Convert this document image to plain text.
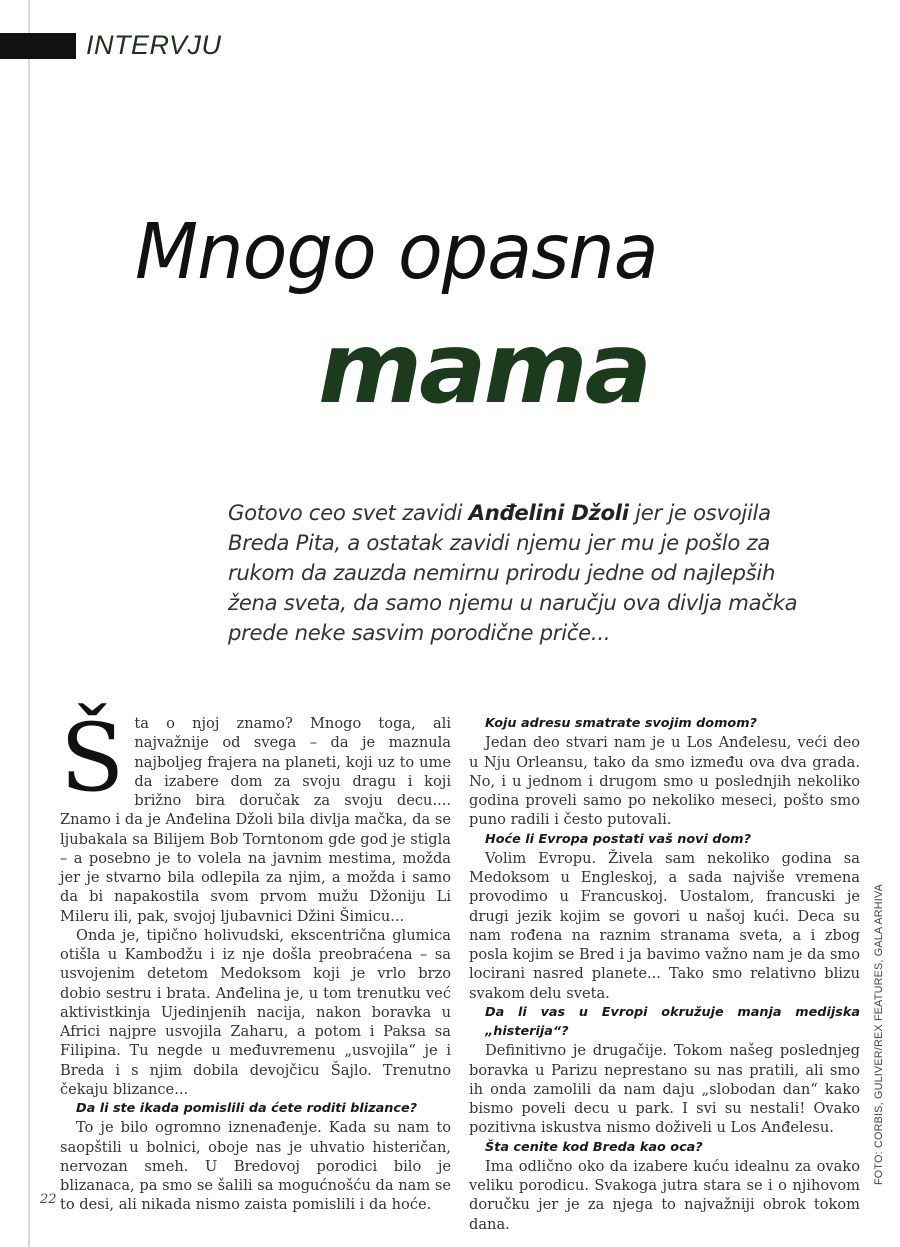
INTERVJU
Mnogo opasna
mama
Gotovo ceo svet zavidi Anđelini Džoli jer je osvojila Breda Pita, a ostatak zavidi njemu jer mu je pošlo za rukom da zauzda nemirnu prirodu jedne od najlepših žena sveta, da samo njemu u naručju ova divlja mačka prede neke sasvim porodične priče...

Šta o njoj znamo? Mnogo toga, ali najvažnije od svega – da je maznula najboljeg frajera na planeti, koji uz to ume da izabere dom za svoju dragu i koji brižno bira doručak za svoju decu.... Znamo i da je Anđelina Džoli bila divlja mačka, da se ljubakala sa Bilijem Bob Torntonom gde god je stigla – a posebno je to volela na javnim mestima, možda jer je stvarno bila odlepila za njim, a možda i samo da bi napakostila svom prvom mužu Džoniju Li Mileru ili, pak, svojoj ljubavnici Džini Šimicu...

Onda je, tipično holivudski, ekscentrična glumica otišla u Kambodžu i iz nje došla preobraćena – sa usvojenim detetom Medoksom koji je vrlo brzo dobio sestru i brata. Anđelina je, u tom trenutku već aktivistkinja Ujedinjenih nacija, nakon boravka u Africi najpre usvojila Zaharu, a potom i Paksa sa Filipina. Tu negde u međuvremenu „usvojila“ je i Breda i s njim dobila devojčicu Šajlo. Trenutno čekaju blizance...

Da li ste ikada pomislili da ćete roditi blizance?

To je bilo ogromno iznenađenje. Kada su nam to saopštili u bolnici, oboje nas je uhvatio histeričan, nervozan smeh. U Bredovoj porodici bilo je blizanaca, pa smo se šalili sa mogućnošću da nam se to desi, ali nikada nismo zaista pomislili i da hoće.

Koju adresu smatrate svojim domom?

Jedan deo stvari nam je u Los Anđelesu, veći deo u Nju Orleansu, tako da smo između ova dva grada. No, i u jednom i drugom smo u poslednjih nekoliko godina proveli samo po nekoliko meseci, pošto smo puno radili i često putovali.

Hoće li Evropa postati vaš novi dom?

Volim Evropu. Živela sam nekoliko godina sa Medoksom u Engleskoj, a sada najviše vremena provodimo u Francuskoj. Uostalom, francuski je drugi jezik kojim se govori u našoj kući. Deca su nam rođena na raznim stranama sveta, a i zbog posla kojim se Bred i ja bavimo važno nam je da smo locirani nasred planete... Tako smo relativno blizu svakom delu sveta.

Da li vas u Evropi okružuje manja medijska „histerija“?

Definitivno je drugačije. Tokom našeg poslednjeg boravka u Parizu neprestano su nas pratili, ali smo ih onda zamolili da nam daju „slobodan dan“ kako bismo poveli decu u park. I svi su nestali! Ovako pozitivna iskustva nismo doživeli u Los Anđelesu.

Šta cenite kod Breda kao oca?

Ima odlično oko da izabere kuću idealnu za ovako veliku porodicu. Svakoga jutra stara se i o njihovom doručku jer je za njega to najvažniji obrok tokom dana.

22
FOTO: CORBIS, GULIVER/REX FEATURES, GALA ARHIVA
